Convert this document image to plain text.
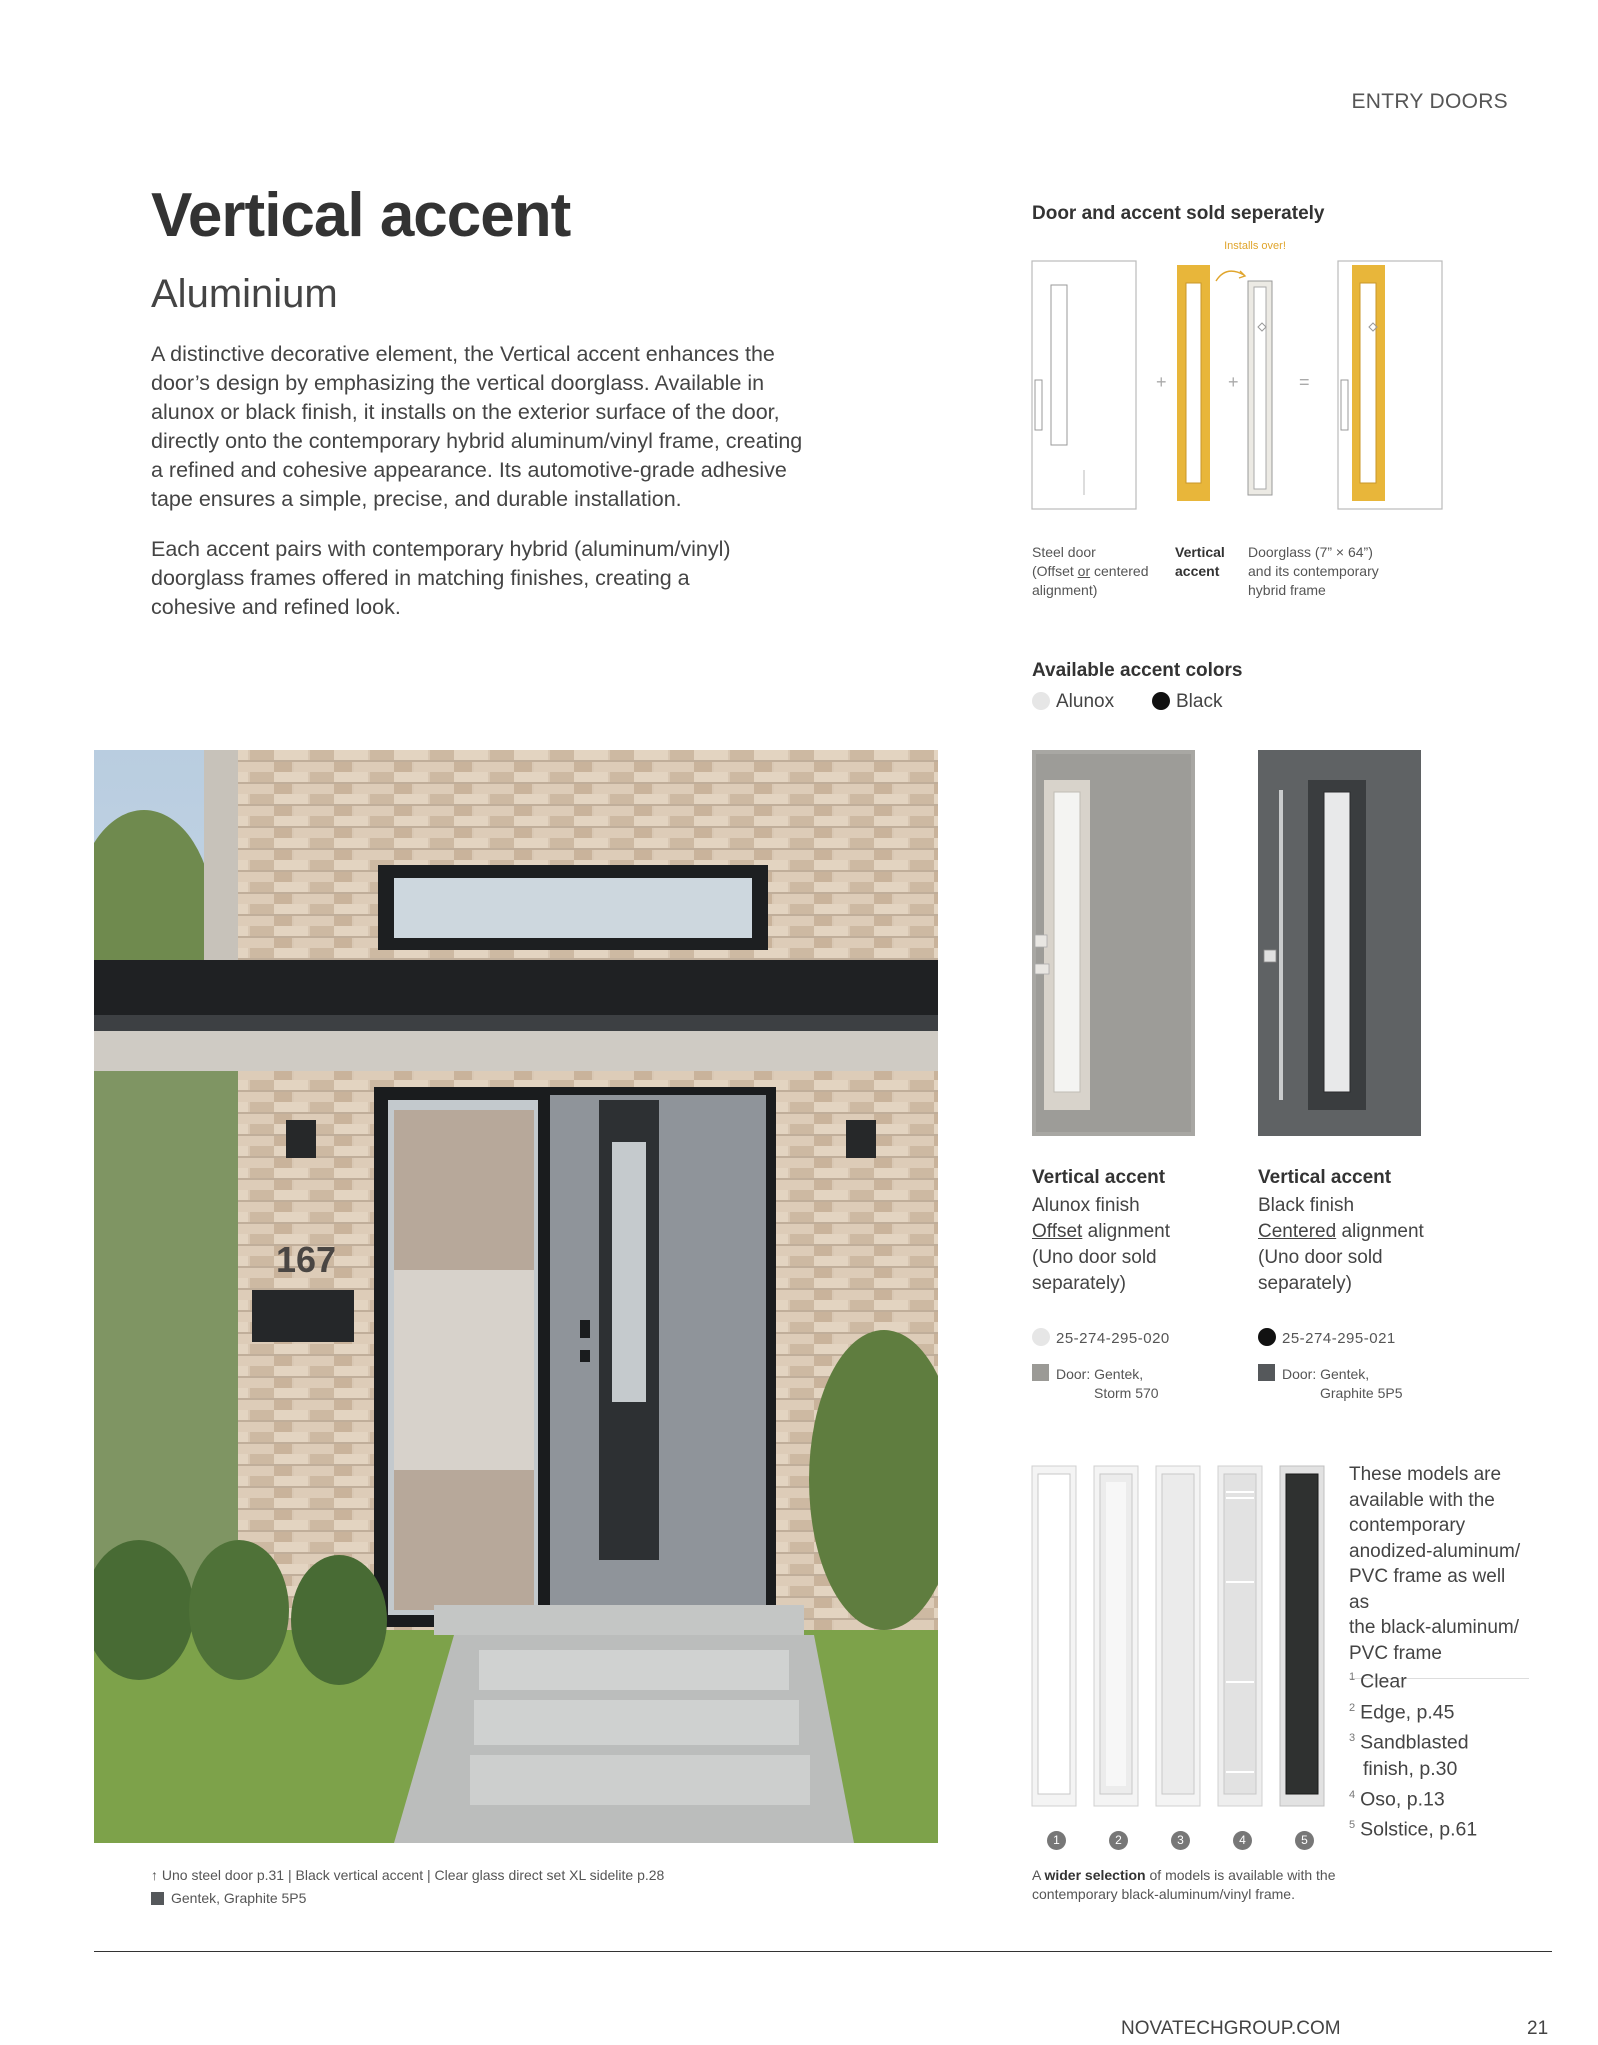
ENTRY DOORS
Vertical accent
Aluminium
A distinctive decorative element, the Vertical accent enhances the door’s design by emphasizing the vertical doorglass. Available in alunox or black finish, it installs on the exterior surface of the door, directly onto the contemporary hybrid aluminum/vinyl frame, creating a refined and cohesive appearance. Its automotive-grade adhesive tape ensures a simple, precise, and durable installation.
Each accent pairs with contemporary hybrid (aluminum/vinyl) doorglass frames offered in matching finishes, creating a cohesive and refined look.
Door and accent sold seperately
+	+	=
Installs over!
Steel door
(Offset or centered alignment)
Vertical accent
Doorglass (7” × 64”) and its contemporary hybrid frame
Available accent colors
Alunox	Black
Vertical accent
Alunox finish
Offset alignment
(Uno door sold
separately)
Vertical accent
Black finish
Centered alignment
(Uno door sold
separately)
25-274-295-020	25-274-295-021
Door: Gentek,
Storm 570
Door: Gentek,
Graphite 5P5
167
↑ Uno steel door p.31 | Black vertical accent | Clear glass direct set XL sidelite p.28
Gentek, Graphite 5P5
1	2	3	4	5
These models are
available with the
contemporary
anodized-aluminum/
PVC frame as well as
the black-aluminum/
PVC frame
$^1$ Clear
$^2$ Edge, p.45
$^3$ Sandblasted
finish, p.30
$^4$ Oso, p.13
$^5$ Solstice, p.61
A wider selection of models is available with the
contemporary black-aluminum/vinyl frame.
NOVATECHGROUP.COM	21
